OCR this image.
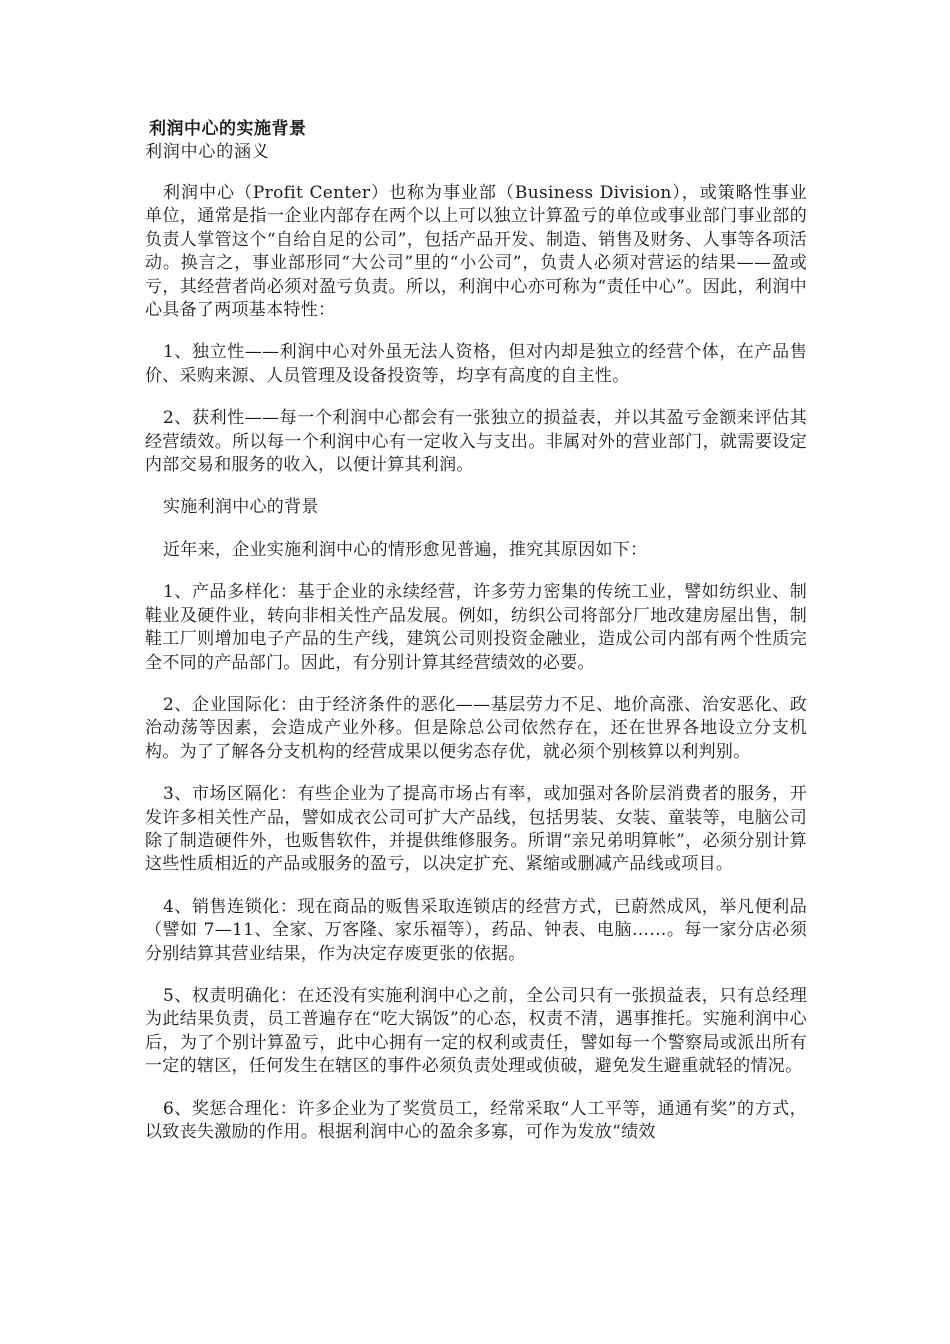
利润中心的实施背景
利润中心的涵义

利润中心（Profit Center）也称为事业部（Business Division），或策略性事业单位，通常是指一企业内部存在两个以上可以独立计算盈亏的单位或事业部门事业部的负责人掌管这个“自给自足的公司”，包括产品开发、制造、销售及财务、人事等各项活动。换言之，事业部形同“大公司”里的“小公司”，负责人必须对营运的结果——盈或亏，其经营者尚必须对盈亏负责。所以，利润中心亦可称为“责任中心”。因此，利润中心具备了两项基本特性：

1、独立性——利润中心对外虽无法人资格，但对内却是独立的经营个体，在产品售价、采购来源、人员管理及设备投资等，均享有高度的自主性。

2、获利性——每一个利润中心都会有一张独立的损益表，并以其盈亏金额来评估其经营绩效。所以每一个利润中心有一定收入与支出。非属对外的营业部门，就需要设定内部交易和服务的收入，以便计算其利润。

实施利润中心的背景

近年来，企业实施利润中心的情形愈见普遍，推究其原因如下：

1、产品多样化：基于企业的永续经营，许多劳力密集的传统工业，譬如纺织业、制鞋业及硬件业，转向非相关性产品发展。例如，纺织公司将部分厂地改建房屋出售，制鞋工厂则增加电子产品的生产线，建筑公司则投资金融业，造成公司内部有两个性质完全不同的产品部门。因此，有分别计算其经营绩效的必要。

2、企业国际化：由于经济条件的恶化——基层劳力不足、地价高涨、治安恶化、政治动荡等因素，会造成产业外移。但是除总公司依然存在，还在世界各地设立分支机构。为了了解各分支机构的经营成果以便劣态存优，就必须个别核算以利判别。

3、市场区隔化：有些企业为了提高市场占有率，或加强对各阶层消费者的服务，开发许多相关性产品，譬如成衣公司可扩大产品线，包括男装、女装、童装等，电脑公司除了制造硬件外，也贩售软件，并提供维修服务。所谓“亲兄弟明算帐”，必须分别计算这些性质相近的产品或服务的盈亏，以决定扩充、紧缩或删减产品线或项目。

4、销售连锁化：现在商品的贩售采取连锁店的经营方式，已蔚然成风，举凡便利品（譬如 7—11、全家、万客隆、家乐福等），药品、钟表、电脑……。每一家分店必须分别结算其营业结果，作为决定存废更张的依据。

5、权责明确化：在还没有实施利润中心之前，全公司只有一张损益表，只有总经理为此结果负责，员工普遍存在“吃大锅饭”的心态，权责不清，遇事推托。实施利润中心后，为了个别计算盈亏，此中心拥有一定的权利或责任，譬如每一个警察局或派出所有一定的辖区，任何发生在辖区的事件必须负责处理或侦破，避免发生避重就轻的情况。

6、奖惩合理化：许多企业为了奖赏员工，经常采取“人工平等，通通有奖”的方式，以致丧失激励的作用。根据利润中心的盈余多寡，可作为发放“绩效
